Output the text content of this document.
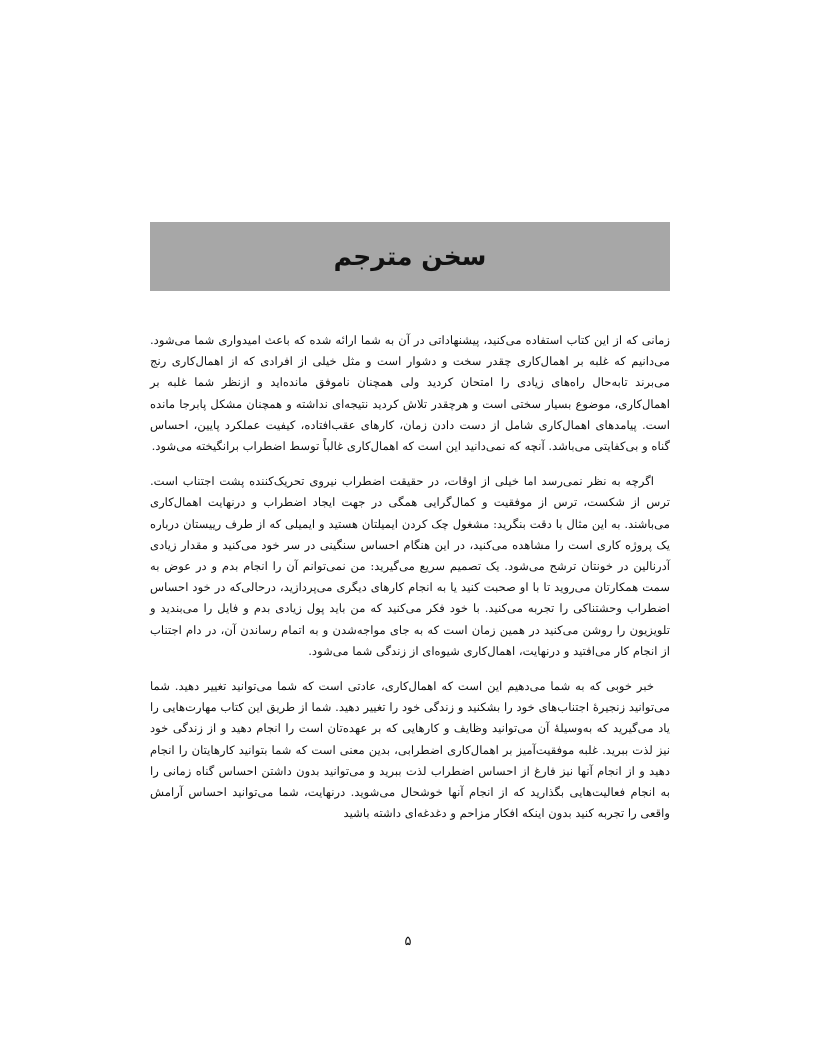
سخن مترجم

زمانی که از این کتاب استفاده می‌کنید، پیشنهاداتی در آن به شما ارائه شده که باعث امیدواری شما می‌شود. می‌دانیم که غلبه بر اهمال‌کاری چقدر سخت و دشوار است و مثل خیلی از افرادی که از اهمال‌کاری رنج می‌برند تابه‌حال راه‌های زیادی را امتحان کردید ولی همچنان ناموفق مانده‌اید و ازنظر شما غلبه بر اهمال‌کاری، موضوع بسیار سختی است و هرچقدر تلاش کردید نتیجه‌ای نداشته و همچنان مشکل پابرجا مانده است. پیامدهای اهمال‌کاری شامل از دست دادن زمان، کارهای عقب‌افتاده، کیفیت عملکرد پایین، احساس گناه و بی‌کفایتی می‌باشد. آنچه که نمی‌دانید این است که اهمال‌کاری غالباً توسط اضطراب برانگیخته می‌شود.

اگرچه به نظر نمی‌رسد اما خیلی از اوقات، در حقیقت اضطراب نیروی تحریک‌کننده پشت اجتناب است. ترس از شکست، ترس از موفقیت و کمال‌گرایی همگی در جهت ایجاد اضطراب و درنهایت اهمال‌کاری می‌باشند. به این مثال با دقت بنگرید: مشغول چک کردن ایمیلتان هستید و ایمیلی که از طرف رییستان درباره یک پروژه کاری است را مشاهده می‌کنید، در این هنگام احساس سنگینی در سر خود می‌کنید و مقدار زیادی آدرنالین در خونتان ترشح می‌شود. یک تصمیم سریع می‌گیرید: من نمی‌توانم آن را انجام بدم و در عوض به سمت همکارتان می‌روید تا با او صحبت کنید یا به انجام کارهای دیگری می‌پردازید، درحالی‌که در خود احساس اضطراب وحشتناکی را تجربه می‌کنید. با خود فکر می‌کنید که من باید پول زیادی بدم و فایل را می‌بندید و تلویزیون را روشن می‌کنید در همین زمان است که به جای مواجه‌شدن و به اتمام رساندن آن، در دام اجتناب از انجام کار می‌افتید و درنهایت، اهمال‌کاری شیوه‌ای از زندگی شما می‌شود.

خبر خوبی که به شما می‌دهیم این است که اهمال‌کاری، عادتی است که شما می‌توانید تغییر دهید. شما می‌توانید زنجیرهٔ اجتناب‌های خود را بشکنید و زندگی خود را تغییر دهید. شما از طریق این کتاب مهارت‌هایی را یاد می‌گیرید که به‌وسیلهٔ آن می‌توانید وظایف و کارهایی که بر عهده‌تان است را انجام دهید و از زندگی خود نیز لذت ببرید. غلبه موفقیت‌آمیز بر اهمال‌کاری اضطرابی، بدین معنی است که شما بتوانید کارهایتان را انجام دهید و از انجام آنها نیز فارغ از احساس اضطراب لذت ببرید و می‌توانید بدون داشتن احساس گناه زمانی را به انجام فعالیت‌هایی بگذارید که از انجام آنها خوشحال می‌شوید. درنهایت، شما می‌توانید احساس آرامش واقعی را تجربه کنید بدون اینکه افکار مزاحم و دغدغه‌ای داشته باشید

۵
